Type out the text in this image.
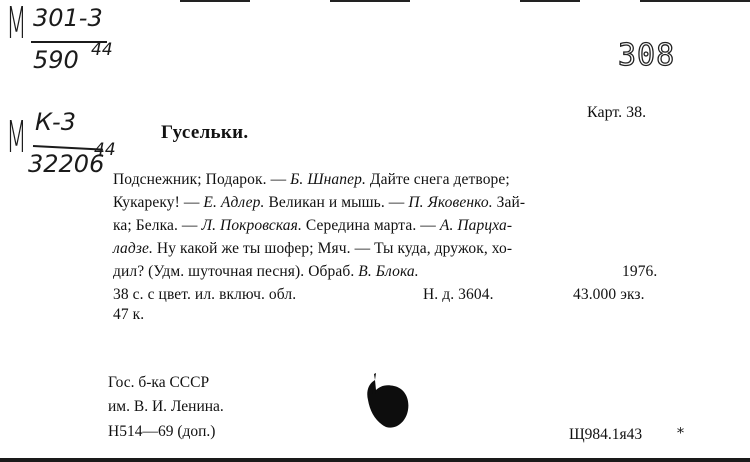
М 301-3
590 44
М К-3
32206
44
308
Карт. 38.
Гусельки.
Подснежник; Подарок. — Б. Шнапер. Дайте снега детворе;
Кукареку! — Е. Адлер. Великан и мышь. — П. Яковенко. Зай-
ка; Белка. — Л. Покровская. Середина марта. — А. Парцха-
ладзе. Ну какой же ты шофер; Мяч. — Ты куда, дружок, хо-
дил? (Удм. шуточная песня). Обраб. В. Блока.
38 с. с цвет. ил. включ. обл.
1976.
Н. д. 3604.	43.000 экз.
47 к.
Гос. б-ка СССР
им. В. И. Ленина.
Н514—69 (доп.)	Щ984.1я43 ⁎
